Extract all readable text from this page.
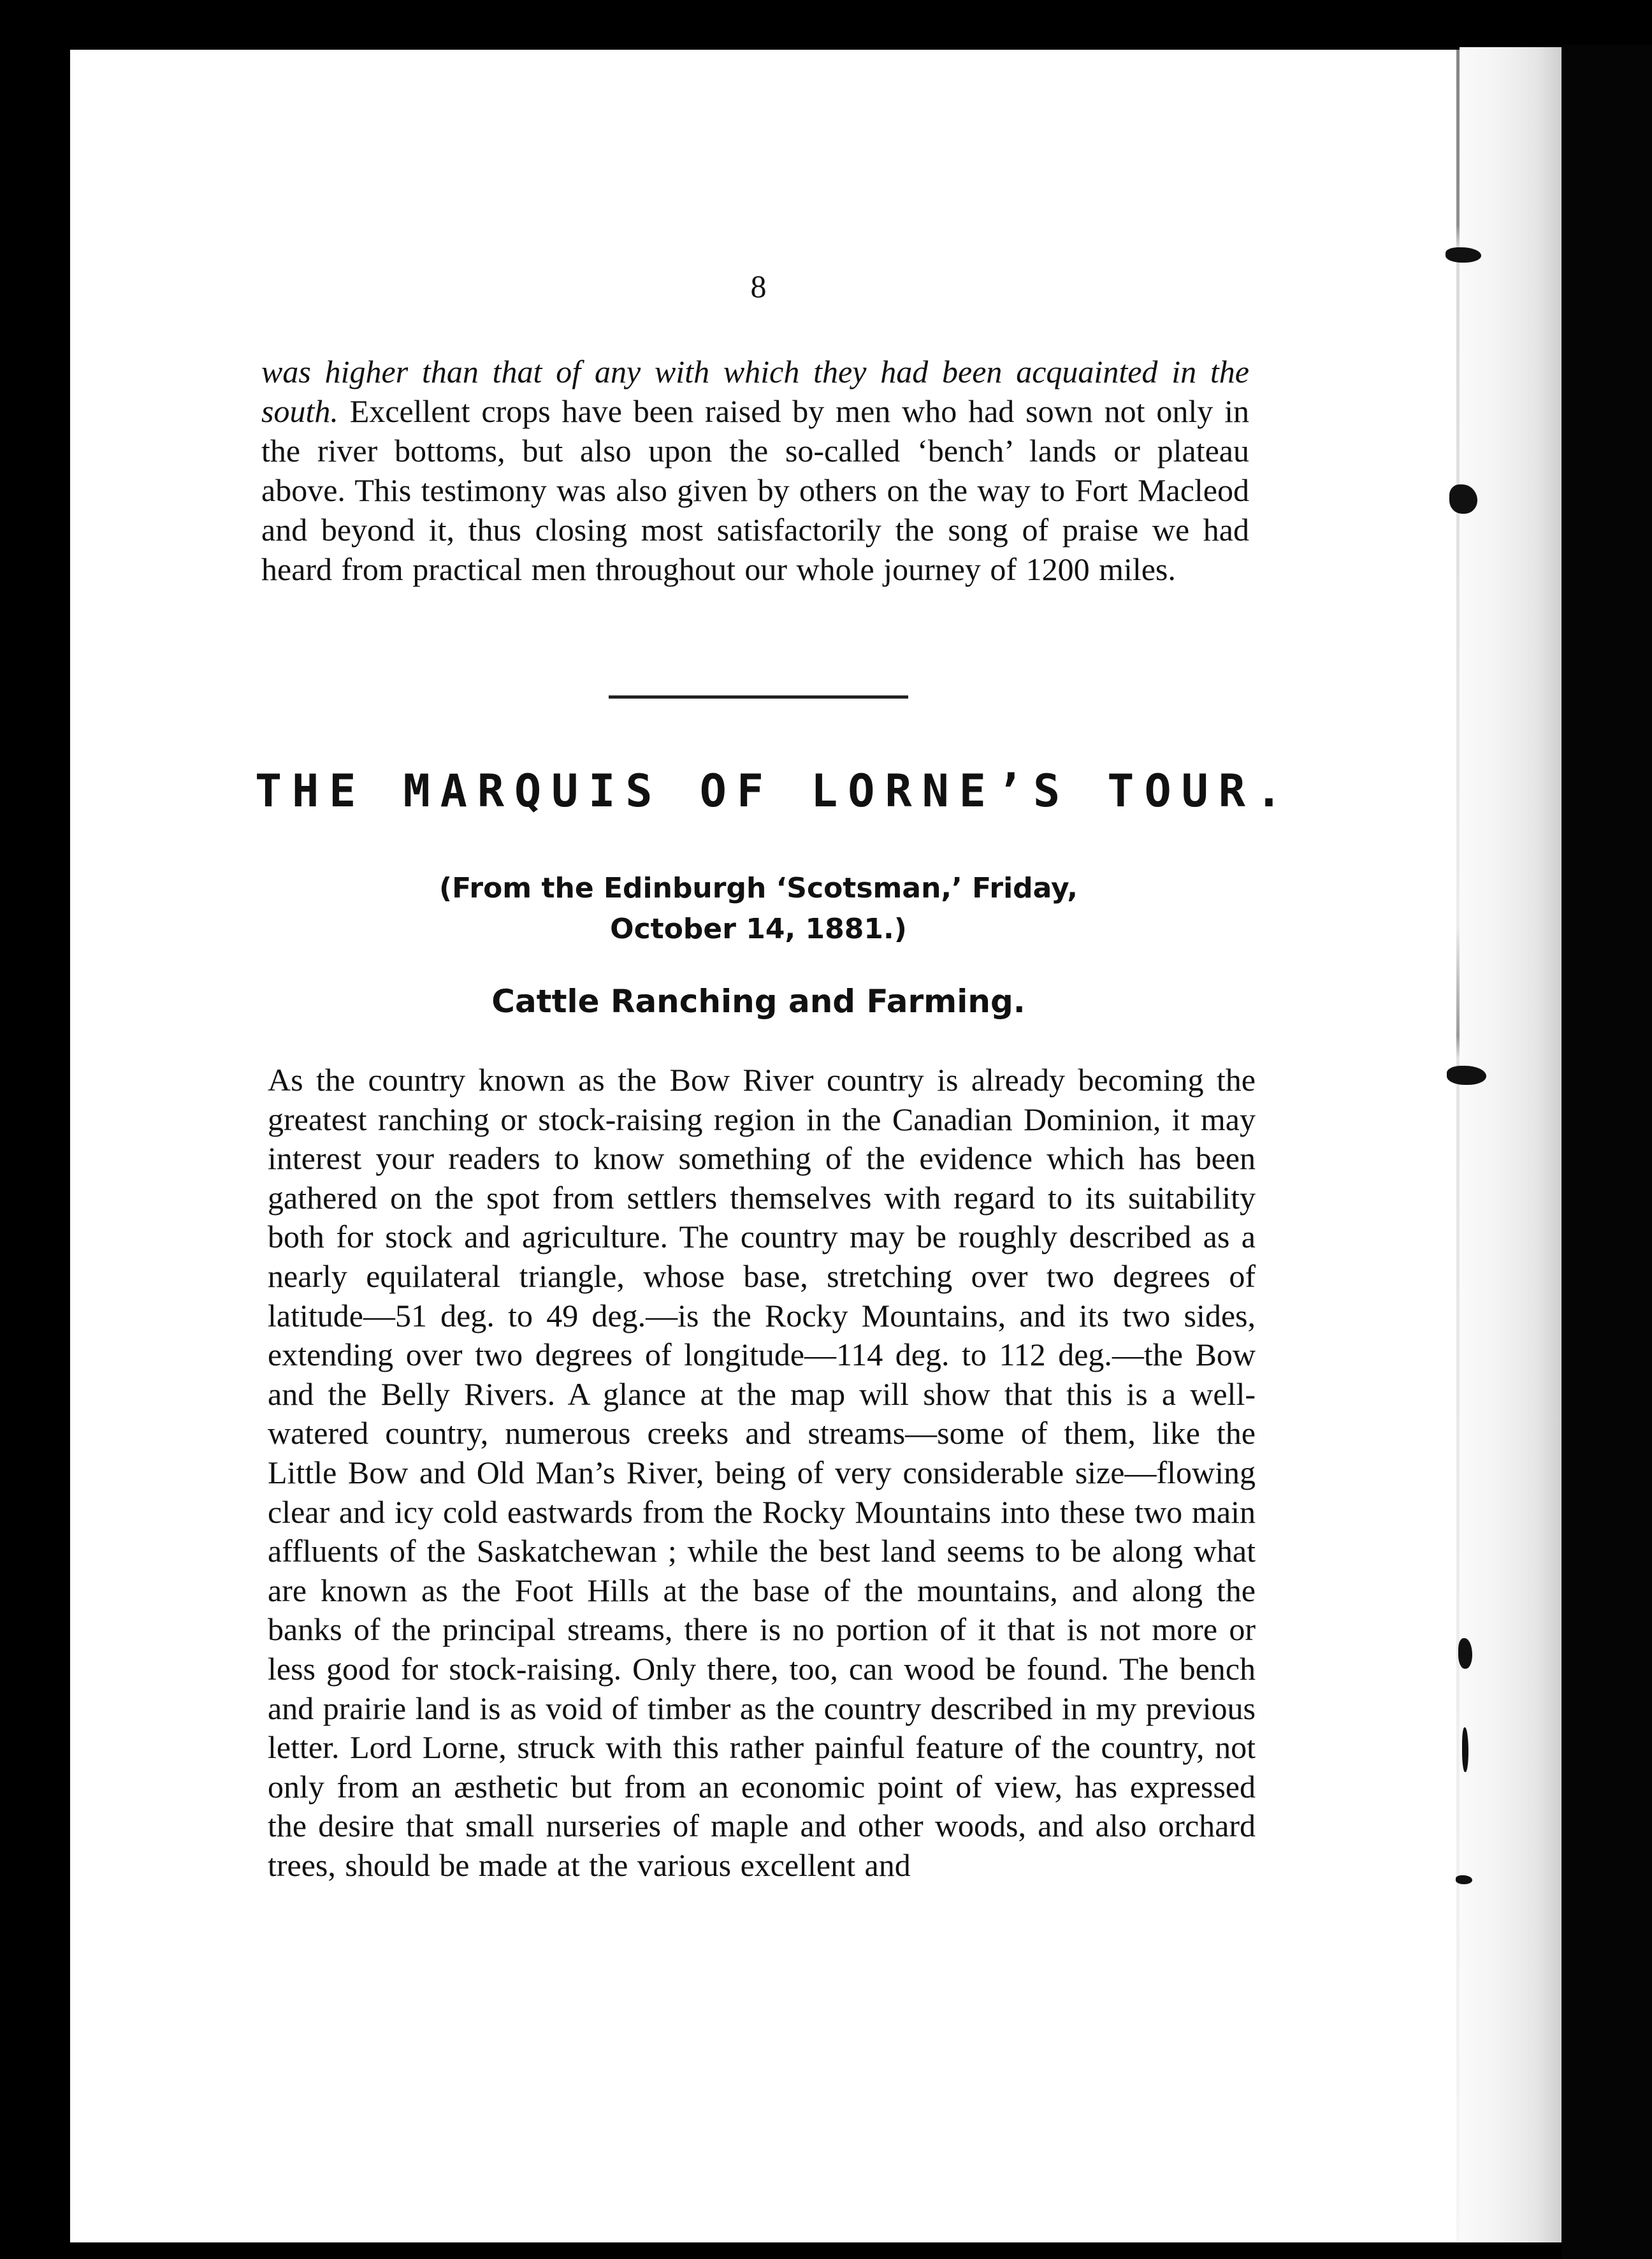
8

was higher than that of any with which they had been acquainted in the south. Excellent crops have been raised by men who had sown not only in the river bottoms, but also upon the so-called ‘bench’ lands or plateau above. This testimony was also given by others on the way to Fort Macleod and beyond it, thus closing most satisfactorily the song of praise we had heard from practical men throughout our whole journey of 1200 miles.

THE MARQUIS OF LORNE’S TOUR.
(From the Edinburgh ‘Scotsman,’ Friday,
October 14, 1881.)
Cattle Ranching and Farming.

As the country known as the Bow River country is already becoming the greatest ranching or stock-raising region in the Canadian Dominion, it may interest your readers to know something of the evidence which has been gathered on the spot from settlers themselves with regard to its suitability both for stock and agriculture. The country may be roughly described as a nearly equilateral triangle, whose base, stretching over two degrees of latitude—51 deg. to 49 deg.—is the Rocky Mountains, and its two sides, extending over two degrees of longitude—114 deg. to 112 deg.—the Bow and the Belly Rivers. A glance at the map will show that this is a well-watered country, numerous creeks and streams—some of them, like the Little Bow and Old Man’s River, being of very considerable size—flowing clear and icy cold eastwards from the Rocky Mountains into these two main affluents of the Saskatchewan ; while the best land seems to be along what are known as the Foot Hills at the base of the mountains, and along the banks of the principal streams, there is no portion of it that is not more or less good for stock-raising. Only there, too, can wood be found. The bench and prairie land is as void of timber as the country described in my previous letter. Lord Lorne, struck with this rather painful feature of the country, not only from an æsthetic but from an economic point of view, has expressed the desire that small nurseries of maple and other woods, and also orchard trees, should be made at the various excellent and
